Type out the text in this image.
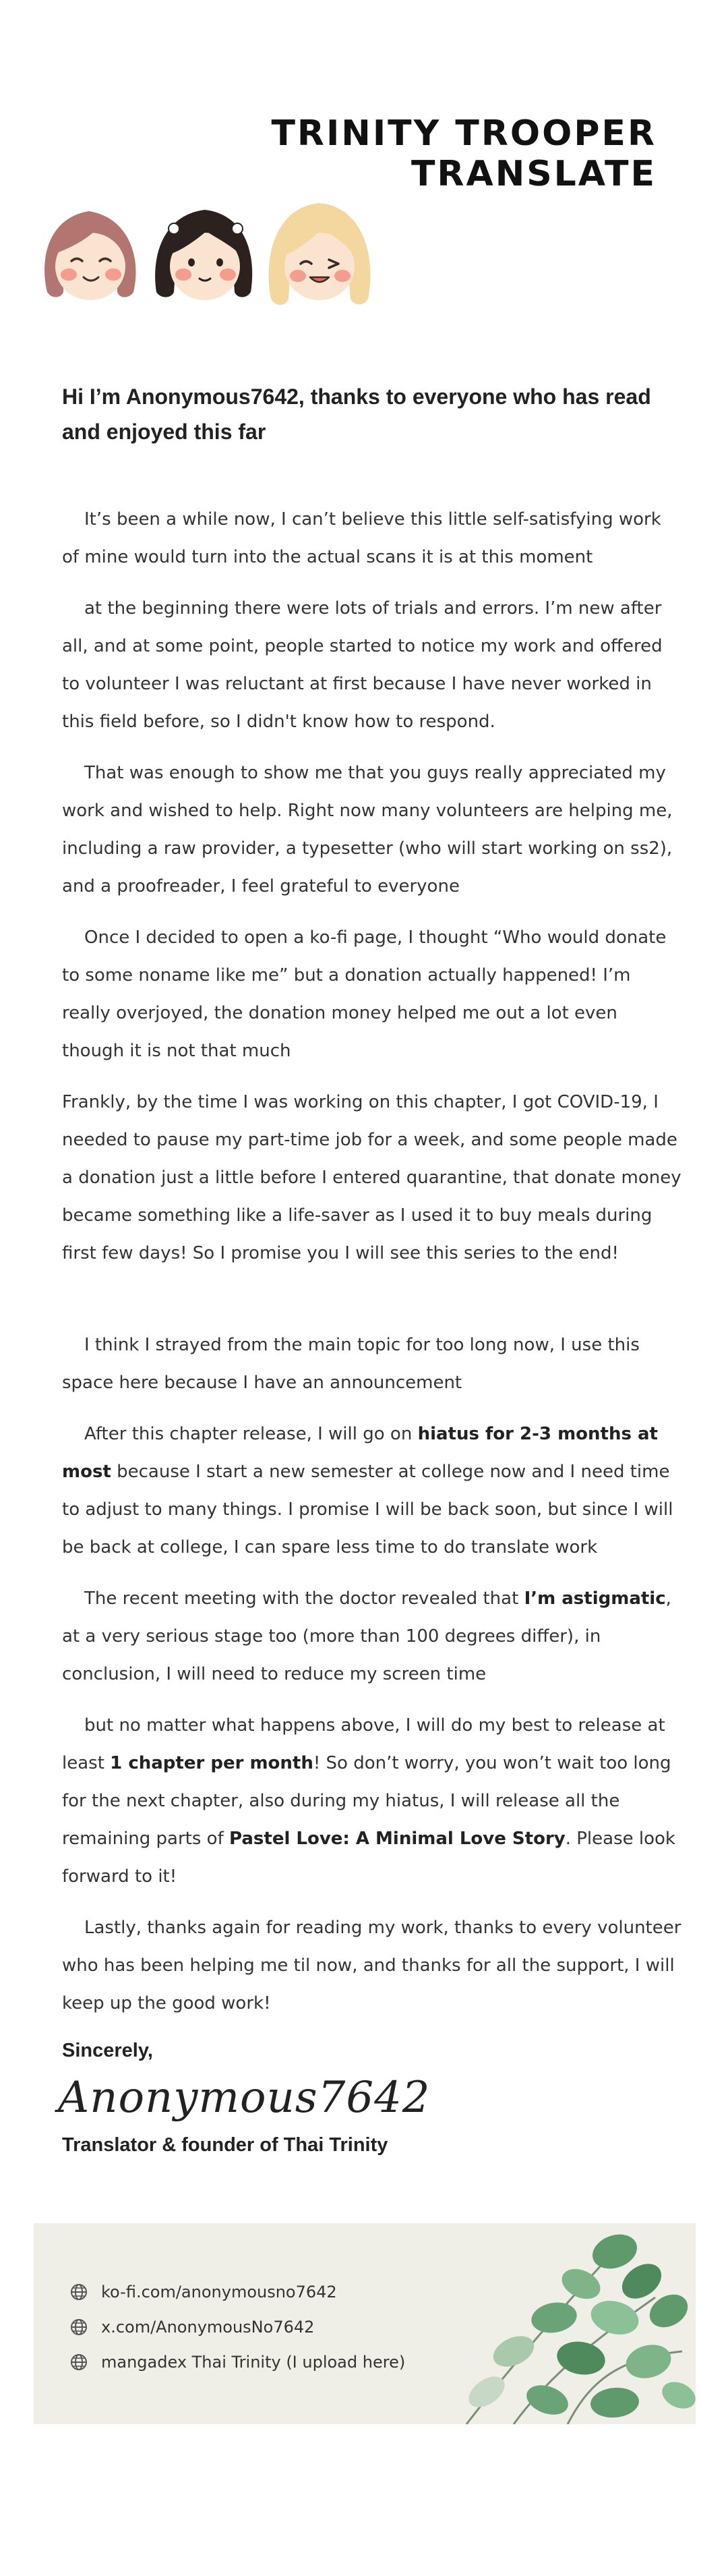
TRINITY TROOPER
TRANSLATE
Hi I’m Anonymous7642, thanks to everyone who has read and enjoyed this far

It’s been a while now, I can’t believe this little self-satisfying work of mine would turn into the actual scans it is at this moment

at the beginning there were lots of trials and errors. I’m new after all, and at some point, people started to notice my work and offered to volunteer I was reluctant at first because I have never worked in this field before, so I didn't know how to respond.

That was enough to show me that you guys really appreciated my work and wished to help. Right now many volunteers are helping me, including a raw provider, a typesetter (who will start working on ss2), and a proofreader, I feel grateful to everyone

Once I decided to open a ko-fi page, I thought “Who would donate to some noname like me” but a donation actually happened! I’m really overjoyed, the donation money helped me out a lot even though it is not that much

Frankly, by the time I was working on this chapter, I got COVID-19, I needed to pause my part-time job for a week, and some people made a donation just a little before I entered quarantine, that donate money became something like a life-saver as I used it to buy meals during first few days! So I promise you I will see this series to the end!

I think I strayed from the main topic for too long now, I use this space here because I have an announcement

After this chapter release, I will go on hiatus for 2-3 months at most because I start a new semester at college now and I need time to adjust to many things. I promise I will be back soon, but since I will be back at college, I can spare less time to do translate work

The recent meeting with the doctor revealed that I’m astigmatic, at a very serious stage too (more than 100 degrees differ), in conclusion, I will need to reduce my screen time

but no matter what happens above, I will do my best to release at least 1 chapter per month! So don’t worry, you won’t wait too long for the next chapter, also during my hiatus, I will release all the remaining parts of Pastel Love: A Minimal Love Story. Please look forward to it!

Lastly, thanks again for reading my work, thanks to every volunteer who has been helping me til now, and thanks for all the support, I will keep up the good work!

Sincerely,
Anonymous7642
Translator & founder of Thai Trinity
ko-fi.com/anonymousno7642
x.com/AnonymousNo7642
mangadex Thai Trinity (I upload here)
